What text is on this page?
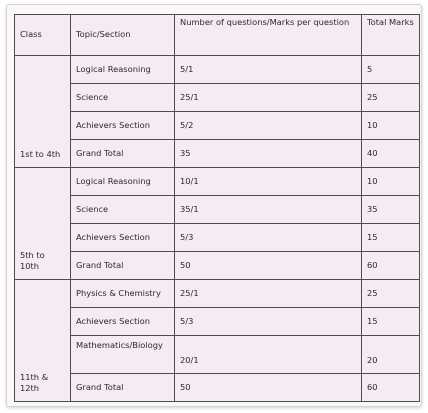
Class	Topic/Section	Number of questions/Marks per question	Total Marks
1st to 4th	Logical Reasoning	5/1	5
	Science	25/1	25
	Achievers Section	5/2	10
	Grand Total	35	40
5th to 10th	Logical Reasoning	10/1	10
	Science	35/1	35
	Achievers Section	5/3	15
	Grand Total	50	60
11th & 12th	Physics & Chemistry	25/1	25
	Achievers Section	5/3	15

	Mathematics/Biology	20/1	20
	Grand Total	50	60
